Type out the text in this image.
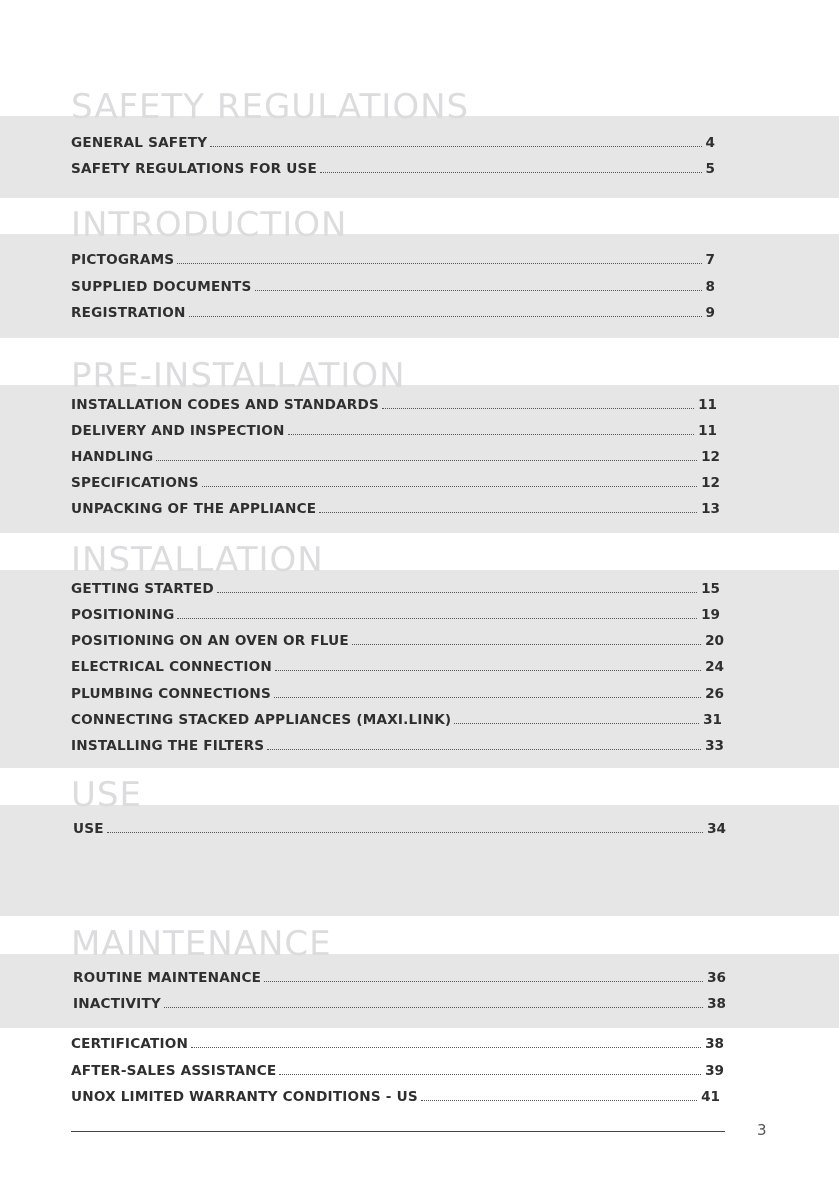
SAFETY REGULATIONS
GENERAL SAFETY	4
SAFETY REGULATIONS FOR USE	5
INTRODUCTION
PICTOGRAMS	7
SUPPLIED DOCUMENTS	8
REGISTRATION	9
PRE-INSTALLATION
INSTALLATION CODES AND STANDARDS	11
DELIVERY AND INSPECTION	11
HANDLING	12
SPECIFICATIONS	12
UNPACKING OF THE APPLIANCE	13
INSTALLATION
GETTING STARTED	15
POSITIONING	19
POSITIONING ON AN OVEN OR FLUE	20
ELECTRICAL CONNECTION	24
PLUMBING CONNECTIONS	26
CONNECTING STACKED APPLIANCES (MAXI.LINK)	31
INSTALLING THE FILTERS	33
USE
USE	34
MAINTENANCE
ROUTINE MAINTENANCE	36
INACTIVITY	38
CERTIFICATION	38
AFTER-SALES ASSISTANCE	39
UNOX LIMITED WARRANTY CONDITIONS - US	41
3
